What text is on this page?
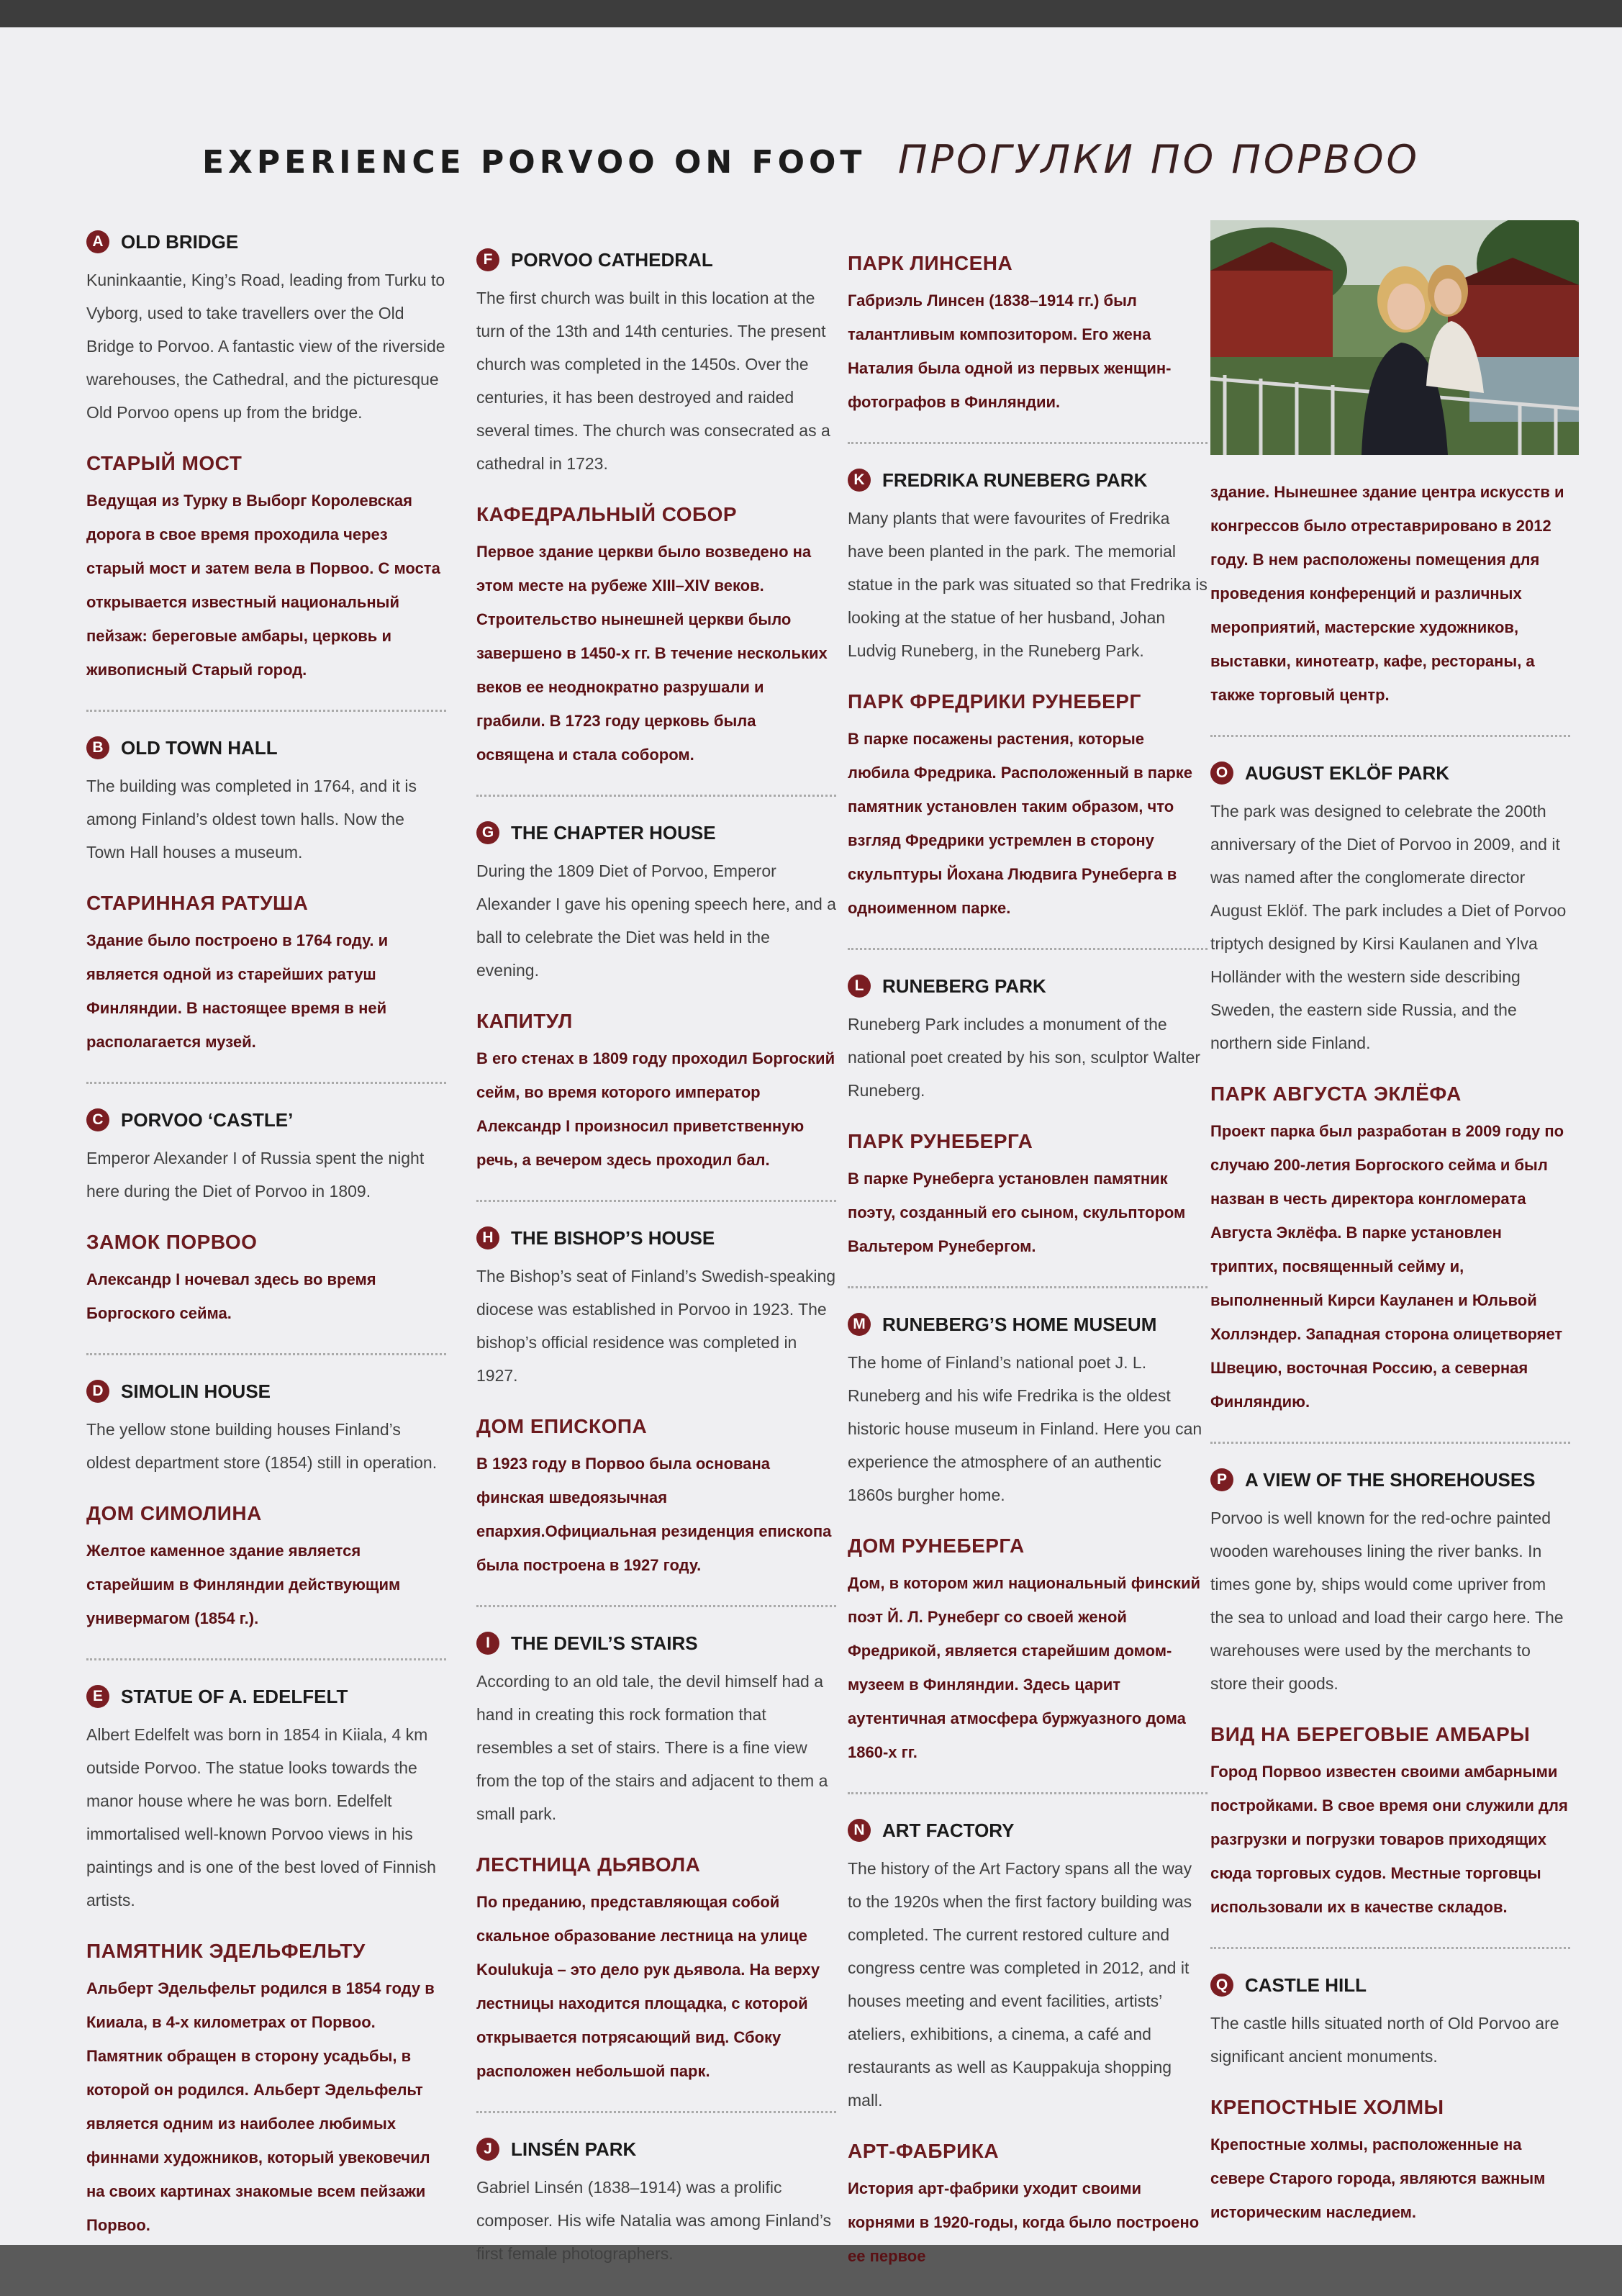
EXPERIENCE PORVOO ON FOOT ПРОГУЛКИ ПО ПОРВОО
A OLD BRIDGE
Kuninkaantie, King’s Road, leading from Turku to Vyborg, used to take travellers over the Old Bridge to Porvoo. A fantastic view of the riverside warehouses, the Cathedral, and the picturesque Old Porvoo opens up from the bridge.
СТАРЫЙ МОСТ
Ведущая из Турку в Выборг Королевская дорога в свое время проходила через старый мост и затем вела в Порвоо. С моста открывается известный национальный пейзаж: береговые амбары, церковь и живописный Старый город.
B OLD TOWN HALL
The building was completed in 1764, and it is among Finland’s oldest town halls. Now the Town Hall houses a museum.
СТАРИННАЯ РАТУША
Здание было построено в 1764 году. и является одной из старейших ратуш Финляндии. В настоящее время в ней располагается музей.
C PORVOO ‘CASTLE’
Emperor Alexander I of Russia spent the night here during the Diet of Porvoo in 1809.
ЗАМОК ПОРВОО
Александр I ночевал здесь во время Боргоского сейма.
D SIMOLIN HOUSE
The yellow stone building houses Finland’s oldest department store (1854) still in operation.
ДОМ СИМОЛИНА
Желтое каменное здание является старейшим в Финляндии действующим универмагом (1854 г.).
E STATUE OF A. EDELFELT
Albert Edelfelt was born in 1854 in Kiiala, 4 km outside Porvoo. The statue looks towards the manor house where he was born. Edelfelt immortalised well-known Porvoo views in his paintings and is one of the best loved of Finnish artists.
ПАМЯТНИК ЭДЕЛЬФЕЛЬТУ
Альберт Эдельфельт родился в 1854 году в Кииала, в 4-х километрах от Порвоо. Памятник обращен в сторону усадьбы, в которой он родился. Альберт Эдельфельт является одним из наиболее любимых финнами художников, который увековечил на своих картинах знакомые всем пейзажи Порвоо.
F PORVOO CATHEDRAL
The first church was built in this location at the turn of the 13th and 14th centuries. The present church was completed in the 1450s. Over the centuries, it has been destroyed and raided several times. The church was consecrated as a cathedral in 1723.
КАФЕДРАЛЬНЫЙ СОБОР
Первое здание церкви было возведено на этом месте на рубеже XIII–XIV веков. Строительство нынешней церкви было завершено в 1450-х гг. В течение нескольких веков ее неоднократно разрушали и грабили. В 1723 году церковь была освящена и стала собором.
G THE CHAPTER HOUSE
During the 1809 Diet of Porvoo, Emperor Alexander I gave his opening speech here, and a ball to celebrate the Diet was held in the evening.
КАПИТУЛ
В его стенах в 1809 году проходил Боргоский сейм, во время которого император Александр I произносил приветственную речь, а вечером здесь проходил бал.
H THE BISHOP’S HOUSE
The Bishop’s seat of Finland’s Swedish-speaking diocese was established in Porvoo in 1923. The bishop’s official residence was completed in 1927.
ДОМ ЕПИСКОПА
В 1923 году в Порвоо была основана финская шведоязычная епархия.Официальная резиденция епископа была построена в 1927 году.
I	THE DEVIL’S STAIRS
According to an old tale, the devil himself had a hand in creating this rock formation that resembles a set of stairs. There is a fine view from the top of the stairs and adjacent to them a small park.
ЛЕСТНИЦА ДЬЯВОЛА
По преданию, представляющая собой скальное образование лестница на улице Koulukuja – это дело рук дьявола. На верху лестницы находится площадка, с которой открывается потрясающий вид. Сбоку расположен небольшой парк.
J	LINSÉN PARK
Gabriel Linsén (1838–1914) was a prolific composer. His wife Natalia was among Finland’s first female photographers.
ПАРК ЛИНСЕНА
Габриэль Линсен (1838–1914 гг.) был талантливым композитором. Его жена Наталия была одной из первых женщин-фотографов в Финляндии.
K FREDRIKA RUNEBERG PARK
Many plants that were favourites of Fredrika have been planted in the park. The memorial statue in the park was situated so that Fredrika is looking at the statue of her husband, Johan Ludvig Runeberg, in the Runeberg Park.
ПАРК ФРЕДРИКИ РУНЕБЕРГ
В парке посажены растения, которые любила Фредрика. Расположенный в парке памятник установлен таким образом, что взгляд Фредрики устремлен в сторону скульптуры Йохана Людвига Рунеберга в одноименном парке.
L RUNEBERG PARK
Runeberg Park includes a monument of the national poet created by his son, sculptor Walter Runeberg.
ПАРК РУНЕБЕРГА
В парке Рунеберга установлен памятник поэту, созданный его сыном, скульптором Вальтером Рунебергом.
M RUNEBERG’S HOME MUSEUM
The home of Finland’s national poet J. L. Runeberg and his wife Fredrika is the oldest historic house museum in Finland. Here you can experience the atmosphere of an authentic 1860s burgher home.
ДОМ РУНЕБЕРГА
Дом, в котором жил национальный финский поэт Й. Л. Рунеберг со своей женой Фредрикой, является старейшим домом-музеем в Финляндии. Здесь царит аутентичная атмосфера буржуазного дома 1860-х гг.
N ART FACTORY
The history of the Art Factory spans all the way to the 1920s when the first factory building was completed. The current restored culture and congress centre was completed in 2012, and it houses meeting and event facilities, artists’ ateliers, exhibitions, a cinema, a café and restaurants as well as Kauppakuja shopping mall.
АРТ-ФАБРИКА
История арт-фабрики уходит своими корнями в 1920-годы, когда было построено ее первое
здание. Нынешнее здание центра искусств и конгрессов было отреставрировано в 2012 году. В нем расположены помещения для проведения конференций и различных мероприятий, мастерские художников, выставки, кинотеатр, кафе, рестораны, а также торговый центр.
O AUGUST EKLÖF PARK
The park was designed to celebrate the 200th anniversary of the Diet of Porvoo in 2009, and it was named after the conglomerate director August Eklöf. The park includes a Diet of Porvoo triptych designed by Kirsi Kaulanen and Ylva Holländer with the western side describing Sweden, the eastern side Russia, and the northern side Finland.
ПАРК АВГУСТА ЭКЛЁФА
Проект парка был разработан в 2009 году по случаю 200-летия Боргоского сейма и был назван в честь директора конгломерата Августа Эклёфа. В парке установлен триптих, посвященный сейму и, выполненный Кирси Кауланен и Юльвой Холлэндер. Западная сторона олицетворяет Швецию, восточная Россию, а северная Финляндию.
P A VIEW OF THE SHOREHOUSES
Porvoo is well known for the red-ochre painted wooden warehouses lining the river banks. In times gone by, ships would come upriver from the sea to unload and load their cargo here. The warehouses were used by the merchants to store their goods.
ВИД НА БЕРЕГОВЫЕ АМБАРЫ
Город Порвоо известен своими амбарными постройками. В свое время они служили для разгрузки и погрузки товаров приходящих сюда торговых судов. Местные торговцы использовали их в качестве складов.
Q CASTLE HILL
The castle hills situated north of Old Porvoo are significant ancient monuments.
КРЕПОСТНЫЕ ХОЛМЫ
Крепостные холмы, расположенные на севере Старого города, являются важным историческим наследием.
